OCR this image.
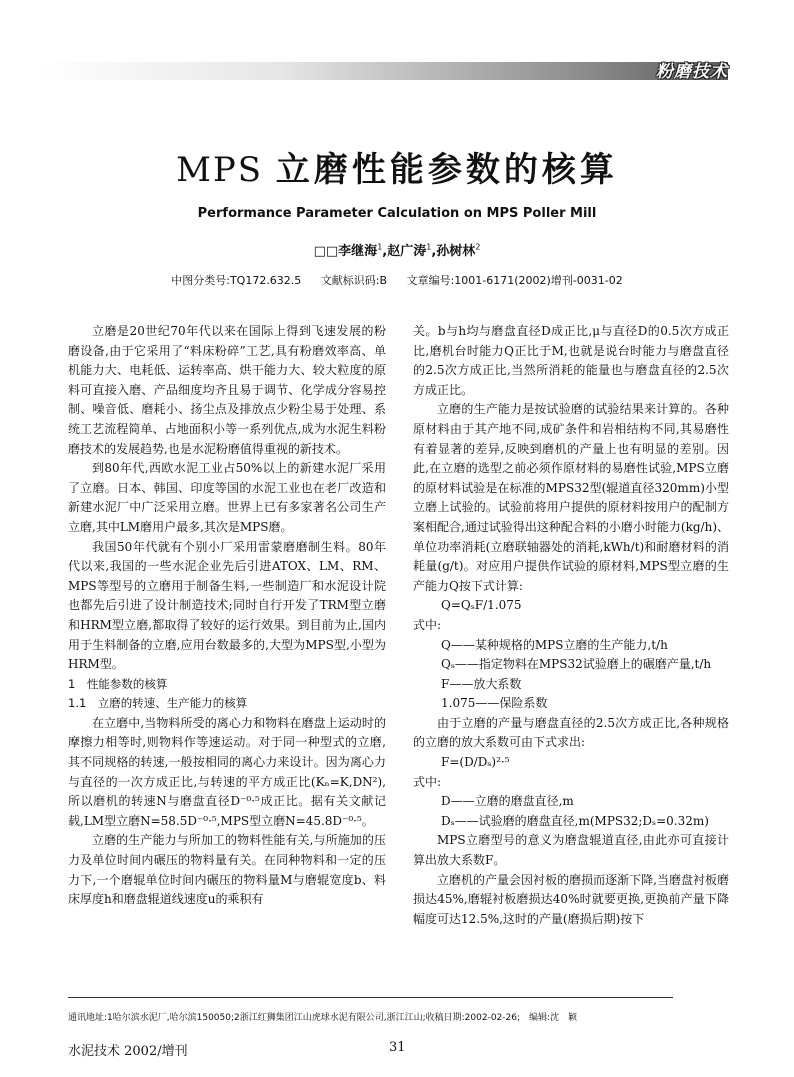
粉磨技术
MPS 立磨性能参数的核算
Performance Parameter Calculation on MPS Poller Mill
□□李继海$^1$,赵广涛$^1$,孙树林$^2$
中图分类号:TQ172.632.5 文献标识码:B 文章编号:1001-6171(2002)增刊-0031-02

立磨是20世纪70年代以来在国际上得到飞速发展的粉磨设备,由于它采用了“料床粉碎”工艺,具有粉磨效率高、单机能力大、电耗低、运转率高、烘干能力大、较大粒度的原料可直接入磨、产品细度均齐且易于调节、化学成分容易控制、噪音低、磨耗小、扬尘点及排放点少粉尘易于处理、系统工艺流程简单、占地面积小等一系列优点,成为水泥生料粉磨技术的发展趋势,也是水泥粉磨值得重视的新技术。

到80年代,西欧水泥工业占50%以上的新建水泥厂采用了立磨。日本、韩国、印度等国的水泥工业也在老厂改造和新建水泥厂中广泛采用立磨。世界上已有多家著名公司生产立磨,其中LM磨用户最多,其次是MPS磨。

我国50年代就有个别小厂采用雷蒙磨磨制生料。80年代以来,我国的一些水泥企业先后引进ATOX、LM、RM、MPS等型号的立磨用于制备生料,一些制造厂和水泥设计院也都先后引进了设计制造技术;同时自行开发了TRM型立磨和HRM型立磨,都取得了较好的运行效果。到目前为止,国内用于生料制备的立磨,应用台数最多的,大型为MPS型,小型为HRM型。

1　性能参数的核算

1.1　立磨的转速、生产能力的核算

在立磨中,当物料所受的离心力和物料在磨盘上运动时的摩擦力相等时,则物料作等速运动。对于同一种型式的立磨,其不同规格的转速,一般按相同的离心力来设计。因为离心力与直径的一次方成正比,与转速的平方成正比(Kₙ=K,DN²),所以磨机的转速N与磨盘直径D⁻⁰·⁵成正比。据有关文献记载,LM型立磨N=58.5D⁻⁰·⁵,MPS型立磨N=45.8D⁻⁰·⁵。

立磨的生产能力与所加工的物料性能有关,与所施加的压力及单位时间内碾压的物料量有关。在同种物料和一定的压力下,一个磨辊单位时间内碾压的物料量M与磨辊宽度b、料床厚度h和磨盘辊道线速度u的乘积有

关。b与h均与磨盘直径D成正比,μ与直径D的0.5次方成正比,磨机台时能力Q正比于M,也就是说台时能力与磨盘直径的2.5次方成正比,当然所消耗的能量也与磨盘直径的2.5次方成正比。

立磨的生产能力是按试验磨的试验结果来计算的。各种原材料由于其产地不同,成矿条件和岩相结构不同,其易磨性有着显著的差异,反映到磨机的产量上也有明显的差别。因此,在立磨的选型之前必须作原材料的易磨性试验,MPS立磨的原材料试验是在标准的MPS32型(辊道直径320mm)小型立磨上试验的。试验前将用户提供的原材料按用户的配制方案相配合,通过试验得出这种配合料的小磨小时能力(kg/h)、单位功率消耗(立磨联轴器处的消耗,kWh/t)和耐磨材料的消耗量(g/t)。对应用户提供作试验的原材料,MPS型立磨的生产能力Q按下式计算:

Q=QₛF/1.075

式中:

Q——某种规格的MPS立磨的生产能力,t/h

Qₛ——指定物料在MPS32试验磨上的碾磨产量,t/h

F——放大系数

1.075——保险系数

由于立磨的产量与磨盘直径的2.5次方成正比,各种规格的立磨的放大系数可由下式求出:

F=(D/Dₛ)²·⁵

式中:

D——立磨的磨盘直径,m

Dₛ——试验磨的磨盘直径,m(MPS32;Dₛ=0.32m)

MPS立磨型号的意义为磨盘辊道直径,由此亦可直接计算出放大系数F。

立磨机的产量会因衬板的磨损而逐渐下降,当磨盘衬板磨损达45%,磨辊衬板磨损达40%时就要更换,更换前产量下降幅度可达12.5%,这时的产量(磨损后期)按下

通讯地址:1哈尔滨水泥厂,哈尔滨150050;2浙江红狮集团江山虎球水泥有限公司,浙江江山;收稿日期:2002-02-26;　编辑:沈　颖
水泥技术 2002/增刊	31
